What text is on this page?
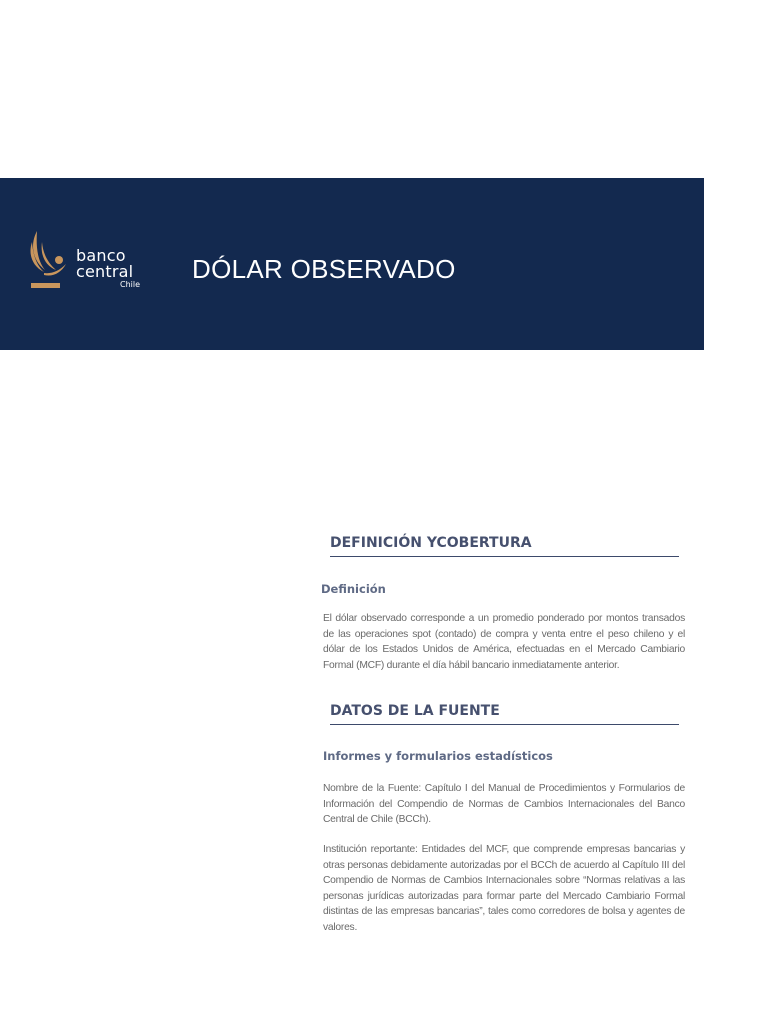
banco
central
Chile
DÓLAR OBSERVADO
DEFINICIÓN YCOBERTURA
Definición
El dólar observado corresponde a un promedio ponderado por montos transados de las operaciones spot (contado) de compra y venta entre el peso chileno y el dólar de los Estados Unidos de América, efectuadas en el Mercado Cambiario Formal (MCF) durante el día hábil bancario inmediatamente anterior.
DATOS DE LA FUENTE
Informes y formularios estadísticos
Nombre de la Fuente: Capítulo I del Manual de Procedimientos y Formularios de Información del Compendio de Normas de Cambios Internacionales del Banco Central de Chile (BCCh).
Institución reportante: Entidades del MCF, que comprende empresas bancarias y otras personas debidamente autorizadas por el BCCh de acuerdo al Capítulo III del Compendio de Normas de Cambios Internacionales sobre “Normas relativas a las personas jurídicas autorizadas para formar parte del Mercado Cambiario Formal distintas de las empresas bancarias”, tales como corredores de bolsa y agentes de valores.
